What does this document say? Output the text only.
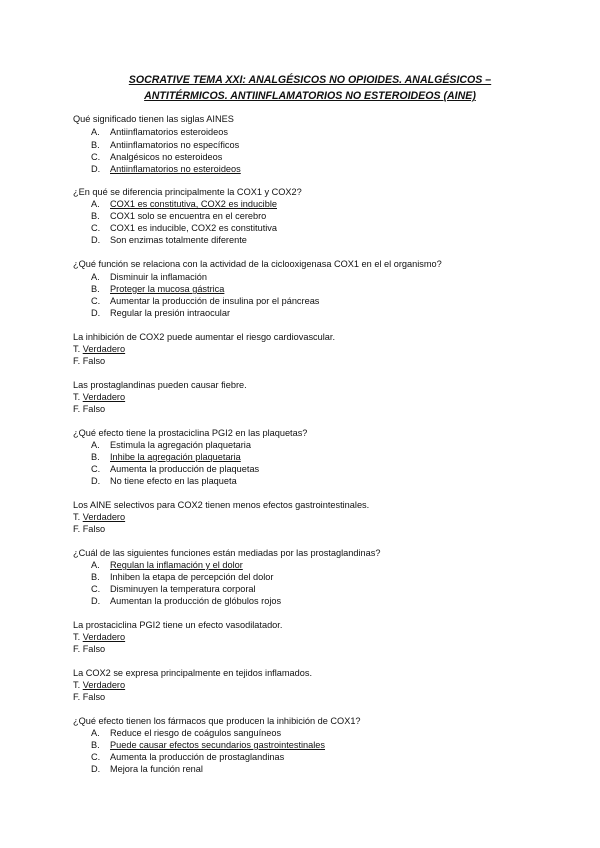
SOCRATIVE TEMA XXI: ANALGÉSICOS NO OPIOIDES. ANALGÉSICOS –
ANTITÉRMICOS. ANTIINFLAMATORIOS NO ESTEROIDEOS (AINE)
Qué significado tienen las siglas AINES
A. Antiinflamatorios esteroideos
B. Antiinflamatorios no específicos
C. Analgésicos no esteroideos
D. Antiinflamatorios no esteroideos
¿En qué se diferencia principalmente la COX1 y COX2?
A. COX1 es constitutiva, COX2 es inducible
B. COX1 solo se encuentra en el cerebro
C. COX1 es inducible, COX2 es constitutiva
D. Son enzimas totalmente diferente
¿Qué función se relaciona con la actividad de la ciclooxigenasa COX1 en el el organismo?
A. Disminuir la inflamación
B. Proteger la mucosa gástrica
C. Aumentar la producción de insulina por el páncreas
D. Regular la presión intraocular
La inhibición de COX2 puede aumentar el riesgo cardiovascular.
T. Verdadero
F. Falso
Las prostaglandinas pueden causar fiebre.
T. Verdadero
F. Falso
¿Qué efecto tiene la prostaciclina PGI2 en las plaquetas?
A. Estimula la agregación plaquetaria
B. Inhibe la agregación plaquetaria
C. Aumenta la producción de plaquetas
D. No tiene efecto en las plaqueta
Los AINE selectivos para COX2 tienen menos efectos gastrointestinales.
T. Verdadero
F. Falso
¿Cuál de las siguientes funciones están mediadas por las prostaglandinas?
A. Regulan la inflamación y el dolor
B. Inhiben la etapa de percepción del dolor
C. Disminuyen la temperatura corporal
D. Aumentan la producción de glóbulos rojos
La prostaciclina PGI2 tiene un efecto vasodilatador.
T. Verdadero
F. Falso
La COX2 se expresa principalmente en tejidos inflamados.
T. Verdadero
F. Falso
¿Qué efecto tienen los fármacos que producen la inhibición de COX1?
A. Reduce el riesgo de coágulos sanguíneos
B. Puede causar efectos secundarios gastrointestinales
C. Aumenta la producción de prostaglandinas
D. Mejora la función renal
